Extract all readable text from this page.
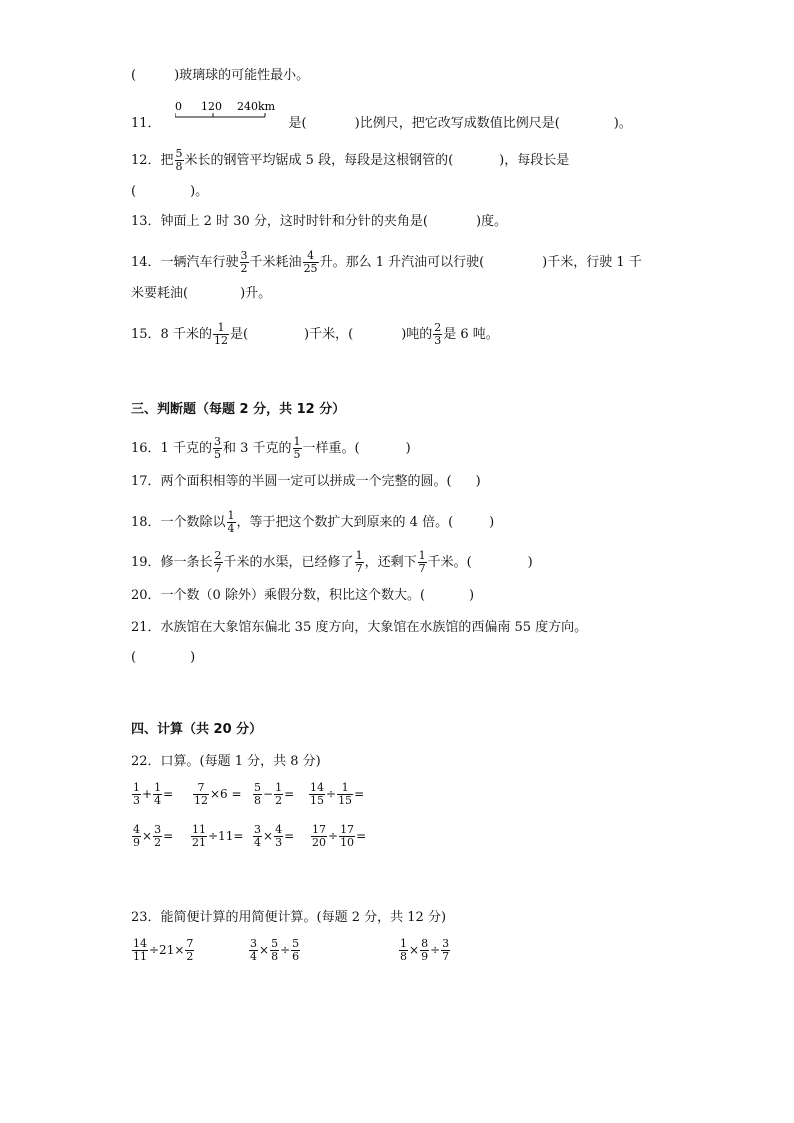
(	)玻璃球的可能性最小。
0 120 240km
11．	是(	)比例尺，把它改写成数值比例尺是(	)。
12．把 $\frac{5}{8}$ 米长的钢管平均锯成 5 段，每段是这根钢管的(	)，每段长是
(	)。
13．钟面上 2 时 30 分，这时时针和分针的夹角是(	)度。
14．一辆汽车行驶 $\frac{3}{2}$ 千米耗油 $\frac{4}{25}$ 升。那么 1 升汽油可以行驶(	)千米，行驶 1 千
米要耗油(	)升。
15．8 千米的 $\frac{1}{12}$ 是(	)千米，(	)吨的 $\frac{2}{3}$ 是 6 吨。
三、判断题（每题 2 分，共 12 分）
16．1 千克的 $\frac{3}{5}$ 和 3 千克的 $\frac{1}{5}$ 一样重。(	)
17．两个面积相等的半圆一定可以拼成一个完整的圆。( )
18．一个数除以 $\frac{1}{4}$ ，等于把这个数扩大到原来的 4 倍。(	)
19．修一条长 $\frac{2}{7}$ 千米的水渠，已经修了 $\frac{1}{7}$ ，还剩下 $\frac{1}{7}$ 千米。(	)
20．一个数（0 除外）乘假分数，积比这个数大。(	)
21．水族馆在大象馆东偏北 35 度方向，大象馆在水族馆的西偏南 55 度方向。
(	)
四、计算（共 20 分）
22．口算。(每题 1 分，共 8 分)
$\frac{1}{3} + \frac{1}{4} = \frac{7}{12} \times 6 = \frac{5}{8} - \frac{1}{2} = \frac{14}{15} \div \frac{1}{15}$ =
$\frac{4}{9} \times \frac{3}{2} = \frac{11}{21} \div 11= \frac{3}{4} \times \frac{4}{3} = \frac{17}{20} \div \frac{17}{10}$ =
23．能简便计算的用简便计算。(每题 2 分，共 12 分)
$\frac{14}{11} \div 21\times \frac{7}{2}$	$\frac{3}{4} \times \frac{5}{8} \div \frac{5}{6}$	$\frac{1}{8} \times \frac{8}{9} \div \frac{3}{7}$
